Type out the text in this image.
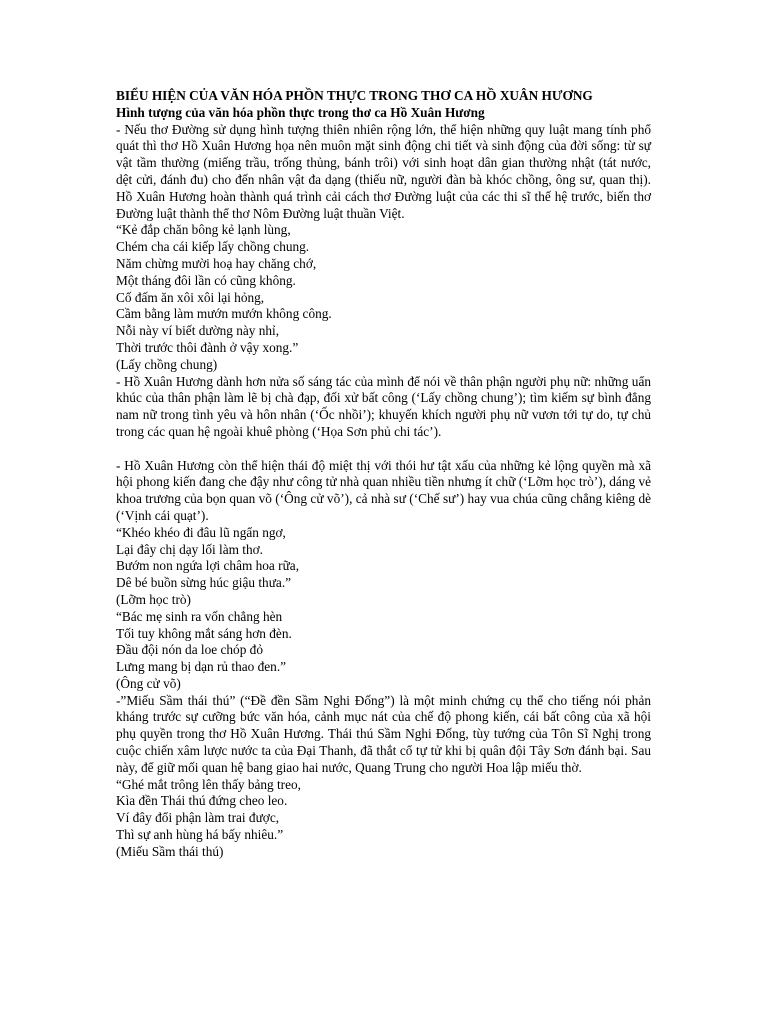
BIỂU HIỆN CỦA VĂN HÓA PHỒN THỰC TRONG THƠ CA HỒ XUÂN HƯƠNG
Hình tượng của văn hóa phồn thực trong thơ ca Hồ Xuân Hương

- Nếu thơ Đường sử dụng hình tượng thiên nhiên rộng lớn, thể hiện những quy luật mang tính phổ quát thì thơ Hồ Xuân Hương họa nên muôn mặt sinh động chi tiết và sinh động của đời sống: từ sự vật tầm thường (miếng trầu, trống thủng, bánh trôi) với sinh hoạt dân gian thường nhật (tát nước, dệt cửi, đánh đu) cho đến nhân vật đa dạng (thiếu nữ, người đàn bà khóc chồng, ông sư, quan thị). Hồ Xuân Hương hoàn thành quá trình cải cách thơ Đường luật của các thi sĩ thế hệ trước, biến thơ Đường luật thành thể thơ Nôm Đường luật thuần Việt.

“Kẻ đắp chăn bông kẻ lạnh lùng,

Chém cha cái kiếp lấy chồng chung.

Năm chừng mười hoạ hay chăng chớ,

Một tháng đôi lần có cũng không.

Cố đấm ăn xôi xôi lại hỏng,

Cầm bằng làm mướn mướn không công.

Nỗi này ví biết dường này nhỉ,

Thời trước thôi đành ở vậy xong.”

(Lấy chồng chung)

- Hồ Xuân Hương dành hơn nửa số sáng tác của mình để nói về thân phận người phụ nữ: những uẩn khúc của thân phận làm lẽ bị chà đạp, đối xử bất công (‘Lấy chồng chung’); tìm kiếm sự bình đẳng nam nữ trong tình yêu và hôn nhân (‘Ốc nhồi’); khuyến khích người phụ nữ vươn tới tự do, tự chủ trong các quan hệ ngoài khuê phòng (‘Họa Sơn phủ chi tác’).

- Hồ Xuân Hương còn thể hiện thái độ miệt thị với thói hư tật xấu của những kẻ lộng quyền mà xã hội phong kiến đang che đậy như công tử nhà quan nhiều tiền nhưng ít chữ (‘Lỡm học trò’), dáng vẻ khoa trương của bọn quan võ (‘Ông cử võ’), cả nhà sư (‘Chế sư’) hay vua chúa cũng chẳng kiêng dè (‘Vịnh cái quạt’).

“Khéo khéo đi đâu lũ ngẩn ngơ,

Lại đây chị dạy lối làm thơ.

Bướm non ngứa lợi châm hoa rữa,

Dê bé buồn sừng húc giậu thưa.”

(Lỡm học trò)

“Bác mẹ sinh ra vốn chẳng hèn

Tối tuy không mắt sáng hơn đèn.

Đầu đội nón da loe chóp đỏ

Lưng mang bị dạn rủ thao đen.”

(Ông cử võ)

-”Miếu Sầm thái thú” (“Đề đền Sầm Nghi Đống”) là một minh chứng cụ thể cho tiếng nói phản kháng trước sự cưỡng bức văn hóa, cảnh mục nát của chế độ phong kiến, cái bất công của xã hội phụ quyền trong thơ Hồ Xuân Hương. Thái thú Sầm Nghi Đống, tùy tướng của Tôn Sĩ Nghị trong cuộc chiến xâm lược nước ta của Đại Thanh, đã thắt cổ tự tử khi bị quân đội Tây Sơn đánh bại. Sau này, để giữ mối quan hệ bang giao hai nước, Quang Trung cho người Hoa lập miếu thờ.

“Ghé mắt trông lên thấy bảng treo,

Kìa đền Thái thú đứng cheo leo.

Ví đây đổi phận làm trai được,

Thì sự anh hùng há bấy nhiêu.”

(Miếu Sầm thái thú)
